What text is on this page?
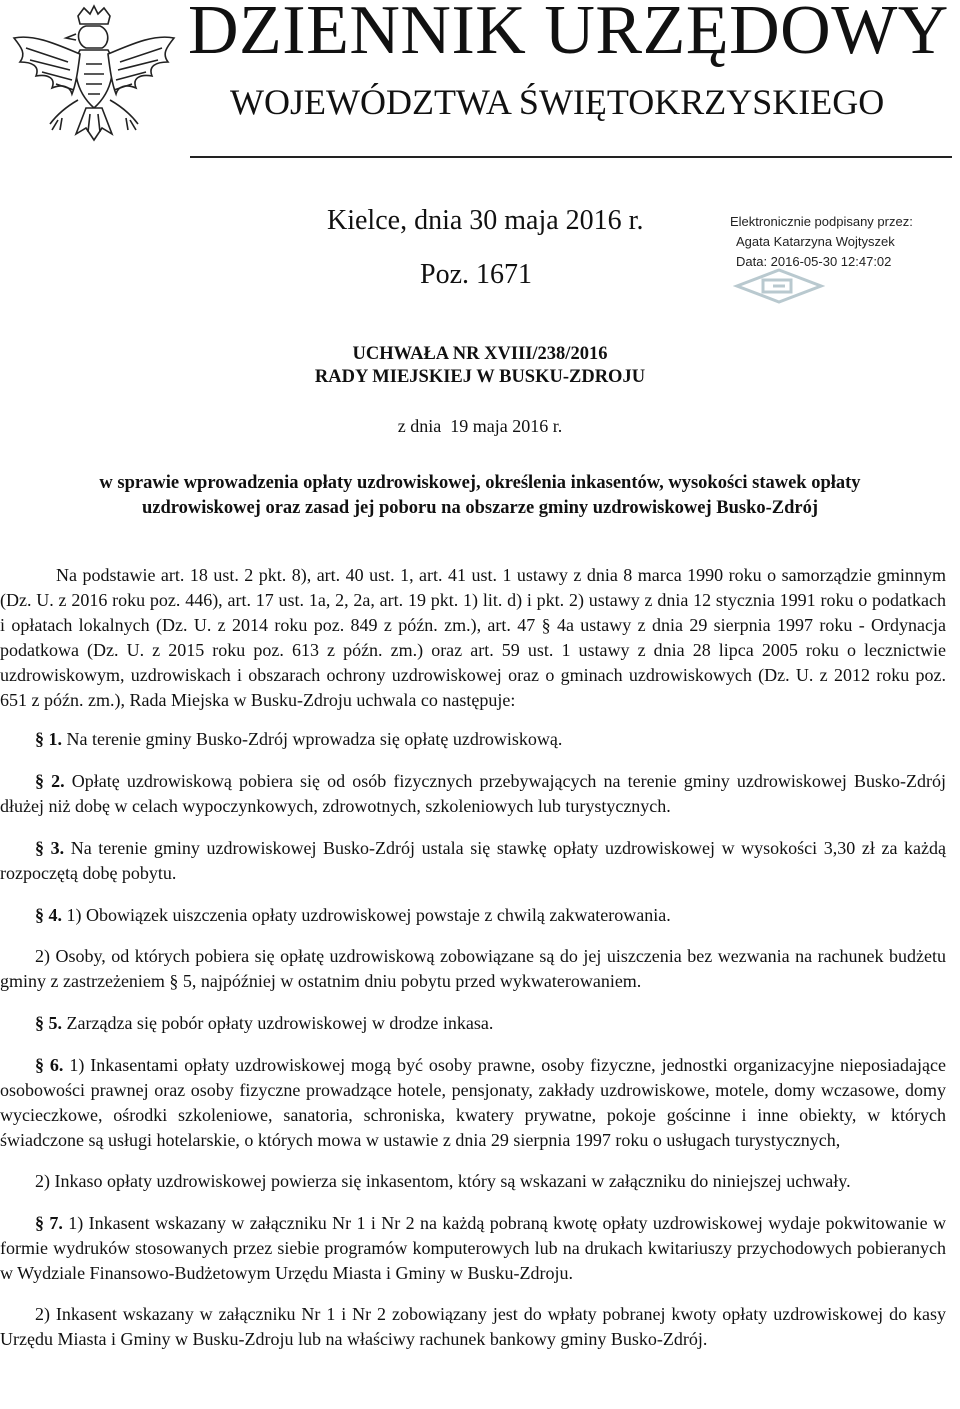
DZIENNIK URZĘDOWY
WOJEWÓDZTWA ŚWIĘTOKRZYSKIEGO
Kielce, dnia 30 maja 2016 r.
Poz. 1671
Elektronicznie podpisany przez:
Agata Katarzyna Wojtyszek
Data: 2016-05-30 12:47:02
UCHWAŁA NR XVIII/238/2016
RADY MIEJSKIEJ W BUSKU-ZDROJU
z dnia  19 maja 2016 r.
w sprawie wprowadzenia opłaty uzdrowiskowej, określenia inkasentów, wysokości stawek opłaty
uzdrowiskowej oraz zasad jej poboru na obszarze gminy uzdrowiskowej Busko-Zdrój

Na podstawie art. 18 ust. 2 pkt. 8), art. 40 ust. 1, art. 41 ust. 1 ustawy z dnia 8 marca 1990 roku o samorządzie gminnym (Dz. U. z 2016 roku poz. 446), art. 17 ust. 1a, 2, 2a, art. 19 pkt. 1) lit. d) i pkt. 2) ustawy z dnia 12 stycznia 1991 roku o podatkach i opłatach lokalnych (Dz. U. z 2014 roku poz. 849 z późn. zm.), art. 47 § 4a ustawy z dnia 29 sierpnia 1997 roku - Ordynacja podatkowa (Dz. U. z 2015 roku poz. 613 z późn. zm.) oraz art. 59 ust. 1 ustawy z dnia 28 lipca 2005 roku o lecznictwie uzdrowiskowym, uzdrowiskach i obszarach ochrony uzdrowiskowej oraz o gminach uzdrowiskowych (Dz. U. z 2012 roku poz. 651 z późn. zm.), Rada Miejska w Busku-Zdroju uchwala co następuje:

§ 1. Na terenie gminy Busko-Zdrój wprowadza się opłatę uzdrowiskową.

§ 2. Opłatę uzdrowiskową pobiera się od osób fizycznych przebywających na terenie gminy uzdrowiskowej Busko-Zdrój dłużej niż dobę w celach wypoczynkowych, zdrowotnych, szkoleniowych lub turystycznych.

§ 3. Na terenie gminy uzdrowiskowej Busko-Zdrój ustala się stawkę opłaty uzdrowiskowej w wysokości 3,30 zł za każdą rozpoczętą dobę pobytu.

§ 4. 1) Obowiązek uiszczenia opłaty uzdrowiskowej powstaje z chwilą zakwaterowania.

2) Osoby, od których pobiera się opłatę uzdrowiskową zobowiązane są do jej uiszczenia bez wezwania na rachunek budżetu gminy z zastrzeżeniem § 5, najpóźniej w ostatnim dniu pobytu przed wykwaterowaniem.

§ 5. Zarządza się pobór opłaty uzdrowiskowej w drodze inkasa.

§ 6. 1) Inkasentami opłaty uzdrowiskowej mogą być osoby prawne, osoby fizyczne, jednostki organizacyjne nieposiadające osobowości prawnej oraz osoby fizyczne prowadzące hotele, pensjonaty, zakłady uzdrowiskowe, motele, domy wczasowe, domy wycieczkowe, ośrodki szkoleniowe, sanatoria, schroniska, kwatery prywatne, pokoje gościnne i inne obiekty, w których świadczone są usługi hotelarskie, o których mowa w ustawie z dnia 29 sierpnia 1997 roku o usługach turystycznych,

2) Inkaso opłaty uzdrowiskowej powierza się inkasentom, który są wskazani w załączniku do niniejszej uchwały.

§ 7. 1) Inkasent wskazany w załączniku Nr 1 i Nr 2 na każdą pobraną kwotę opłaty uzdrowiskowej wydaje pokwitowanie w formie wydruków stosowanych przez siebie programów komputerowych lub na drukach kwitariuszy przychodowych pobieranych w Wydziale Finansowo-Budżetowym Urzędu Miasta i Gminy w Busku-Zdroju.

2) Inkasent wskazany w załączniku Nr 1 i Nr 2 zobowiązany jest do wpłaty pobranej kwoty opłaty uzdrowiskowej do kasy Urzędu Miasta i Gminy w Busku-Zdroju lub na właściwy rachunek bankowy gminy Busko-Zdrój.
